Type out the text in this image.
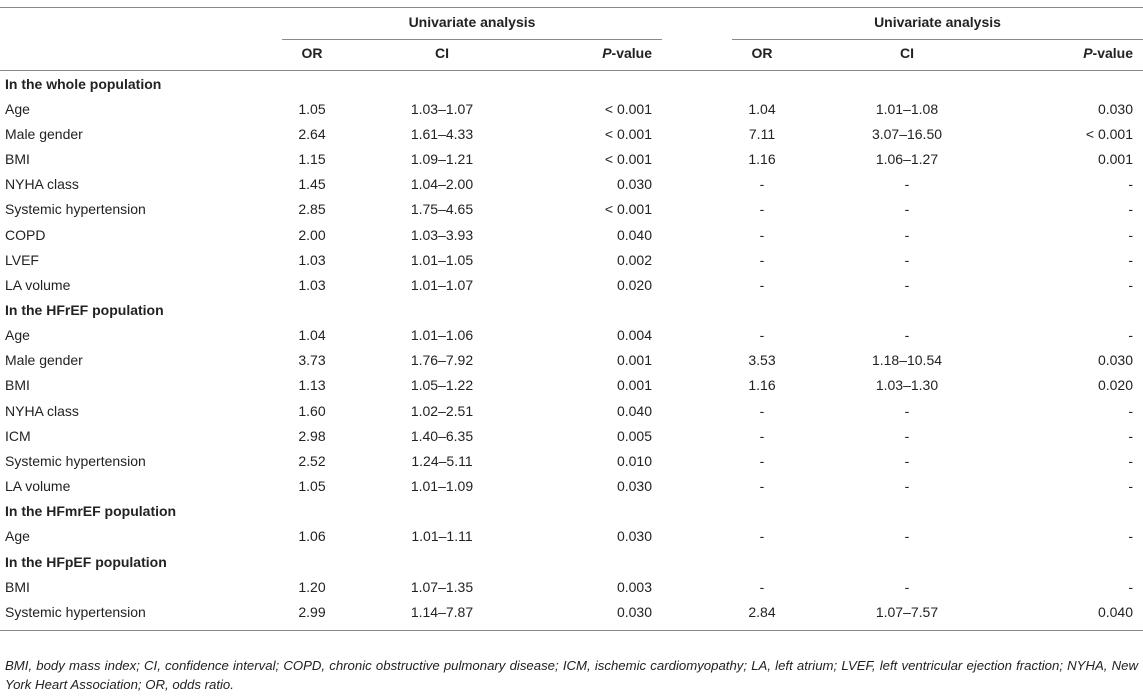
	Univariate analysis				Univariate analysis		
	OR	CI	P-value		OR	CI	P-value
In the whole population							
Age	1.05	1.03–1.07	< 0.001		1.04	1.01–1.08	0.030
Male gender	2.64	1.61–4.33	< 0.001		7.11	3.07–16.50	< 0.001
BMI	1.15	1.09–1.21	< 0.001		1.16	1.06–1.27	0.001
NYHA class	1.45	1.04–2.00	0.030		-	-	-
Systemic hypertension	2.85	1.75–4.65	< 0.001		-	-	-
COPD	2.00	1.03–3.93	0.040		-	-	-
LVEF	1.03	1.01–1.05	0.002		-	-	-
LA volume	1.03	1.01–1.07	0.020		-	-	-
In the HFrEF population							
Age	1.04	1.01–1.06	0.004		-	-	-
Male gender	3.73	1.76–7.92	0.001		3.53	1.18–10.54	0.030
BMI	1.13	1.05–1.22	0.001		1.16	1.03–1.30	0.020
NYHA class	1.60	1.02–2.51	0.040		-	-	-
ICM	2.98	1.40–6.35	0.005		-	-	-
Systemic hypertension	2.52	1.24–5.11	0.010		-	-	-
LA volume	1.05	1.01–1.09	0.030		-	-	-
In the HFmrEF population							
Age	1.06	1.01–1.11	0.030		-	-	-
In the HFpEF population							
BMI	1.20	1.07–1.35	0.003		-	-	-
Systemic hypertension	2.99	1.14–7.87	0.030		2.84	1.07–7.57	0.040

BMI, body mass index; CI, confidence interval; COPD, chronic obstructive pulmonary disease; ICM, ischemic cardiomyopathy; LA, left atrium; LVEF, left ventricular ejection fraction; NYHA, New York Heart Association; OR, odds ratio.
